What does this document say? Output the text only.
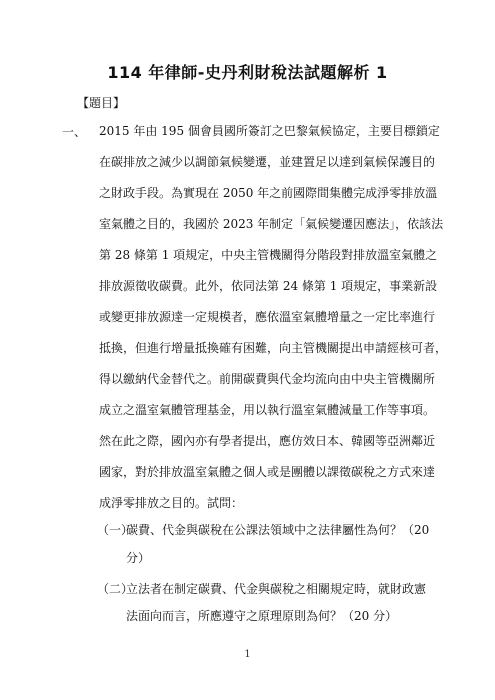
114 年律師-史丹利財稅法試題解析 1
【題目】
一、 2015 年由 195 個會員國所簽訂之巴黎氣候協定，主要目標鎖定
在碳排放之減少以調節氣候變遷，並建置足以達到氣候保護目的
之財政手段。為實現在 2050 年之前國際間集體完成淨零排放溫
室氣體之目的，我國於 2023 年制定「氣候變遷因應法」，依該法
第 28 條第 1 項規定，中央主管機關得分階段對排放溫室氣體之
排放源徵收碳費。此外，依同法第 24 條第 1 項規定，事業新設
或變更排放源達一定規模者，應依溫室氣體增量之一定比率進行
抵換，但進行增量抵換確有困難，向主管機關提出申請經核可者，
得以繳納代金替代之。前開碳費與代金均流向由中央主管機關所
成立之溫室氣體管理基金，用以執行溫室氣體減量工作等事項。
然在此之際，國內亦有學者提出，應仿效日本、韓國等亞洲鄰近
國家，對於排放溫室氣體之個人或是團體以課徵碳稅之方式來達
成淨零排放之目的。試問：
（一）
碳費、代金與碳稅在公課法領域中之法律屬性為何？（20
分）
（二）
立法者在制定碳費、代金與碳稅之相關規定時，就財政憲
法面向而言，所應遵守之原理原則為何？（20 分）
1
